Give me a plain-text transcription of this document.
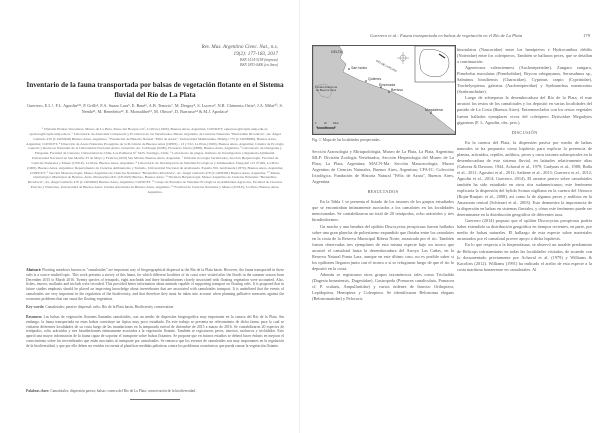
Rev. Mus. Argentino Cienc. Nat., n.s.
19(2): 177-183, 2017
ISSN 1514-5158 (impresa)
ISSN 1853-0400 (en línea)
Inventario de la fauna transportada por balsas de vegetación flotante en el Sistema fluvial del Río de La Plata
Guerrero, E.L.¹, F.L. Agnolin¹²³, P. Grilli⁴, F.A. Suazo Lara⁵, E. Bené⁶, A.B. Tenorio⁷, M. Derguy⁸, S. Lucero⁹, N.R. Chimento Ortiz², J.A. Milat¹⁰, S. Nenda¹¹, M. Benedetto¹², E. Montalibet¹³, M. Olmos¹, D. Barrasso¹⁴ & M.J. Apodaca¹
¹ División Plantas Vasculares, Museo de La Plata, Paseo del Bosque s/n°, La Plata (1900), Buenos Aires, Argentina; CONICET; eguerrero@fcnym.unlp.edu.ar; apodaca@fcnym.unlp.edu.ar. ² Laboratorio de Anatomía Comparada y Evolución de los Vertebrados, Museo Argentino de Ciencias Naturales "Bernardino Rivadavia", Av. Ángel Gallardo 470 (C1405DJR) Buenos Aires, Argentina. ³ Fundación de Historia Natural "Félix de Azara", Universidad Maimónides, Hidalgo 775 (C1405BDB), Buenos Aires, Argentina; CONICET. ⁴ Dirección de Áreas Naturales Protegidas de la Provincia de Buenos Aires (OPDS) - 13 y 532, La Plata (1900), Buenos Aires, Argentina; Cátedra de Ecología General y Recursos Naturales de la Universidad Nacional Arturo Jauretche. Av. Calchaquí (6200), Florencio Varela (1888), Buenos Aires, Argentina. ⁵ Laboratorio de Ontogenia y Filogenia, Facultad de Ciencias, Universidad de Chile. Las Palmeras Nº 3425, Santiago, Chile. ⁶ Laboratorio de plagas. Instituto de Investigación e Ingeniería Ambiental. Universidad Nacional de San Martín, 25 de Mayo y Francia (1650) San Martín, Buenos Aires, Argentina. ⁷ División Zoología Vertebrados, Sección Herpetología. Facultad de Ciencias Naturales y Museo (UNLP), La Plata, Buenos Aires, Argentina. ⁸ Laboratorio de Investigación de Sistemas Ecológicos y Ambientales. Diagonal 113 Nº469, La Plata (1900), Buenos Aires, Argentina; Departamento de Ciencias Ambientales y Turismo, Universidad Nacional de Avellaneda. España 350. Avellaneda (1870), Buenos Aires, Argentina; CONICET. ⁹ Sección Mastozoología, Museo Argentino de Ciencias Naturales "Bernardino Rivadavia", Av. Ángel Gallardo 470 (C1405DJR) Buenos Aires, Argentina. ¹⁰ Museo Ornitológico Municipal de Berisso, Avda. Montevideo 821 (CP1923) Berisso, Buenos Aires. ¹¹ División Herpetología, Museo Argentino de Ciencias Naturales "Bernardino Rivadavia", Av. Ángel Gallardo 470 (C1405DJR) Buenos Aires, Argentina; CONICET. ¹² Grupo de Estudios de Sistemas Ecológicos en Ambientes Agrícolas, Facultad de Ciencias Exactas y Naturales, Universidad de Buenos Aires. Ciudad Autónoma de Buenos Aires, Argentina. ¹³ Facultad de Ciencias Naturales y Museo (UNLP), La Plata, Buenos Aires, Argentina.
Abstract: Floating meadows known as "camalotales" are important way of biogeographical dispersal at the Río de la Plata basin. However, the fauna transported in these rafts is a scarce studied topic. This work presents a survey of this fauna, for which different localities of its coast were visited after the floods in the summer season from December 2015 to March 2016. Twenty species of tetrapods, eight arachnids and three hirudiniformes closely associated with floating vegetation were accounted. Also, fishes, insects, mollusks and triclads were recorded. This provided better information about animals capable of supporting transport on floating rafts. It is proposed that in future studies emphasis should be placed on improving knowledge about invertebrates that are associated with camalotales transport. It is underlined that the events of camalotales are very important in the regulation of the biodiversity, and that therefore they must be taken into account when planning palliative measures against the economic problems that can cause the floating vegetation.
Key words: Camalotales; passive dispersal; rafts; Río de la Plata basin; Biodiversity conservation.
Resumen: Las balsas de vegetación flotantes llamadas camalotales, son un medio de dispersión biogeográfica muy importante en la cuenca del Río de la Plata. Sin embargo, la fauna transportada en estas balsas constituye un tópico muy poco estudiado. En este trabajo se presenta un relevamiento de dicha fauna, para lo cual se visitaron diferentes localidades de su costa luego de las inundaciones en la temporada estival de diciembre de 2015 a marzo de 2016. Se contabilizaron 20 especies de tetrápodos, ocho arácnidos y tres hirudiniformes íntimamente asociados a la vegetación flotante. También se registraron, peces, insectos, moluscos y tricládidos. Esto aportó una mayor información de la fauna capaz de soportar el transporte sobre balsas flotantes. Se propone que en futuros estudios se deberá hacer énfasis en mejorar el conocimiento sobre los invertebrados que están asociados al transporte por camalotales. Se remarca que los eventos de camalotales son muy importantes en la regulación de la biodiversidad, y que por ello deben ser tenidos en cuenta al planificar medidas paliativas contra los problemas económicos que pueda causar la vegetación flotante.
Palabras clave: Camalotales; dispersión pasiva; balsas; cuenca del Río de La Plata; conservación de la biodiversidad.
Guerrero et al.: Fauna transportada en balsas de vegetación en el Río de La Plata	179
DELTA
San Isidro
Ciudad Autónoma de Buenos Aires
RÍO DE LA PLATA
Quilmes
Ensenada
Berisso
Magdalena
0	20	40km
Fig. 1. Mapa de las localidades prospectadas.

Sección Aracnología y Miriapodología, Museo de La Plata, La Plata, Argentina; MLP: División Zoología Vertebrados, Sección Herpetología del Museo de La Plata, La Plata, Argentina; MACN-Ma: Sección Mastozoología, Museo Argentino de Ciencias Naturales, Buenos Aires, Argentina; CFA-IC: Colección Ictiológica, Fundación de Historia Natural "Félix de Azara", Buenos Aires, Argentina.

RESULTADOS

En la Tabla 1 se presenta el listado de los taxones de los grupos estudiados que se encontraban íntimamente asociados a los camalotes en las localidades mencionadas. Se contabilizaron un total de 20 tetrápodos, ocho arácnidos y tres hirudiniformes.

Un macho y una hembra del opilión Discocyrtus prospicuus fueron hallados sobre una gran plancha de poliestireno expandido que flotaba entre los camalotes en la costa de la Reserva Municipal Ribera Norte, arrastrada por el río. También fueron observadas tres ejemplares de esta misma especie bajo un tronco que arrastró el camalotal hasta la desembocadura del Arroyo Las Cañas, en la Reserva Natural Punta Lara, aunque en este último caso, no es posible saber si los opiliones llegaron junto con el tronco o si se refugiaron luego de que el río lo depositó en la costa.

Además se registraron otros grupos taxonómicos tales como Tricladida (Dugesia bonariensis, Dugesiidae), Gastropoda (Pomacea canaliculata, Pomacea cf. P. scalaris, Ampullariidae) y varios órdenes de Insecta: Orthoptera, Lepidoptera, Hemiptera y Coleoptera. Se identificaron Belostoma elegans (Belostomatidae) y Pelocoris

binotulatus (Naucoridae) entre los hemípteros e Hydrocanthus debilis (Noteridae) entre los coleópteros. También se hallaron peces, que se detallan a continuación.

Ageneiosus valenciennesi (Auchenipteridae), Zungaro zungaro, Pimelodus maculatus (Pimelodidae), Brycon orbignyanus, Serrasalmus sp., Salminus brasiliensis (Characidae), Cyprinus carpio (Cyprinidae), Trachelyopterus galeatus (Auchenipteridae) y Synbranchus marmoratus (Synbranchidae).

Luego de sobrepasar la desembocadura del Río de la Plata, el mar arrastró los restos de los camalotales y los depositó en varias localidades del partido de La Costa (Buenos Aires). Entremezclados con los restos vegetales fueron hallados ejemplares vivos del coleóptero Dytiscidae Megadytes giganteus (F. L. Agnolin, obs. pers.).

DISCUSIÓN

En la cuenca del Plata, la dispersión pasiva por medio de balsas naturales se ha propuesto como hipótesis para explicar la presencia de plantas, arácnidos, reptiles, anfibios, peces y otros taxones subtropicales en la desembocadura de este sistema fluvial, en latitudes relativamente altas (Cabrera & Dawson, 1944, Achaval et al., 1979; Gudynas et al., 1988; Bulla et al., 2011; Agostini et al., 2012; Saibene et al., 2013; Guerrero et al., 2012; Agnolin et al., 2014; Guerrero, 2014). El arrastre pasivo sobre camalotales también ha sido estudiado en otros ríos sudamericanos; este fenómeno explicaría la dispersión del hylido Scinax nigiliana en la cuenca del Orinoco (Rojas-Runjaic et al., 2008), así como la de algunos peces y anfibios en la Amazonia central (Schiesari et al., 2003). Esto demuestra la importancia de la dispersión en balsas en sistemas fluviales, y cómo este fenómeno puede ser determinante en la distribución geográfica de diferentes taxa.

Guerrero (2014) propuso que el opilión Discocyrtus prospicuus podría haber extendido su distribución geográfica en tiempos recientes, en parte, por medio de balsas naturales. El hallazgo de esta especie sobre materiales arrastrados por el camalotal provee apoyo a dicha hipótesis.

En lo que respecta a la herpetofauna, se observó un notable predominio de Helicops infrataeniatus en todas las localidades visitadas, de acuerdo con lo documentado previamente por Achaval et al. (1979) y Williams & Kacoliris (2012). Williams (1991) ha indicado el arribo de esta especie a la costa marítima bonaerense en camalotales. Al
